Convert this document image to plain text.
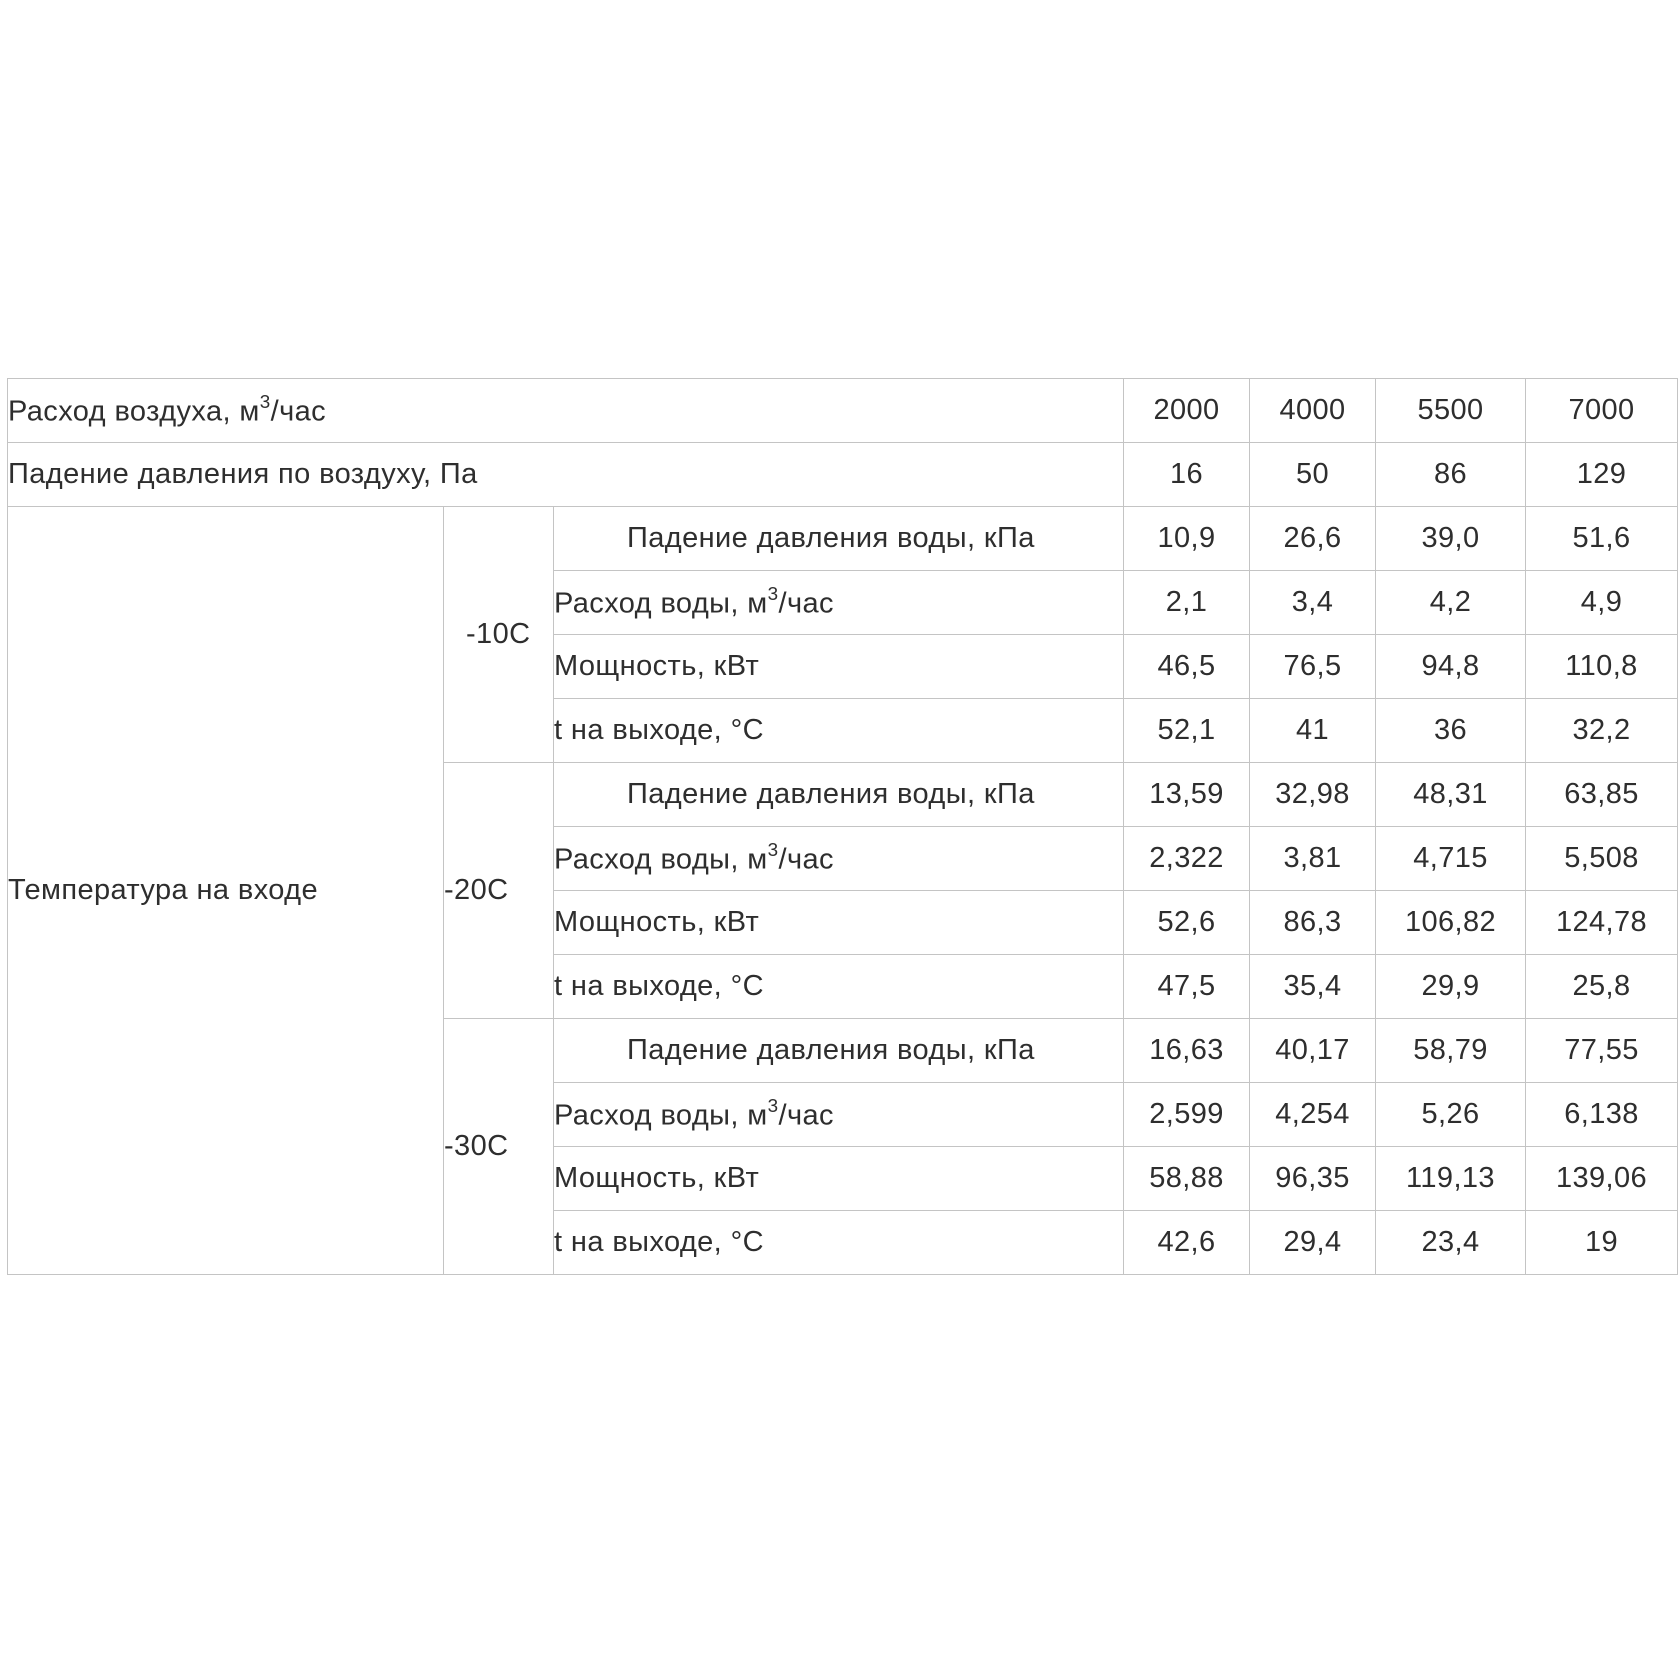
Расход воздуха, $м^3$/час			2000	4000	5500	7000
Падение давления по воздуху, Па			16	50	86	129
Температура на входе	-10С	Падение давления воды, кПа	10,9	26,6	39,0	51,6
		Расход воды, $м^3$/час	2,1	3,4	4,2	4,9
		Мощность, кВт	46,5	76,5	94,8	110,8
		t на выходе, °С	52,1	41	36	32,2
	-20С	Падение давления воды, кПа	13,59	32,98	48,31	63,85
		Расход воды, $м^3$/час	2,322	3,81	4,715	5,508
		Мощность, кВт	52,6	86,3	106,82	124,78
		t на выходе, °С	47,5	35,4	29,9	25,8
	-30С	Падение давления воды, кПа	16,63	40,17	58,79	77,55
		Расход воды, $м^3$/час	2,599	4,254	5,26	6,138
		Мощность, кВт	58,88	96,35	119,13	139,06
		t на выходе, °С	42,6	29,4	23,4	19
